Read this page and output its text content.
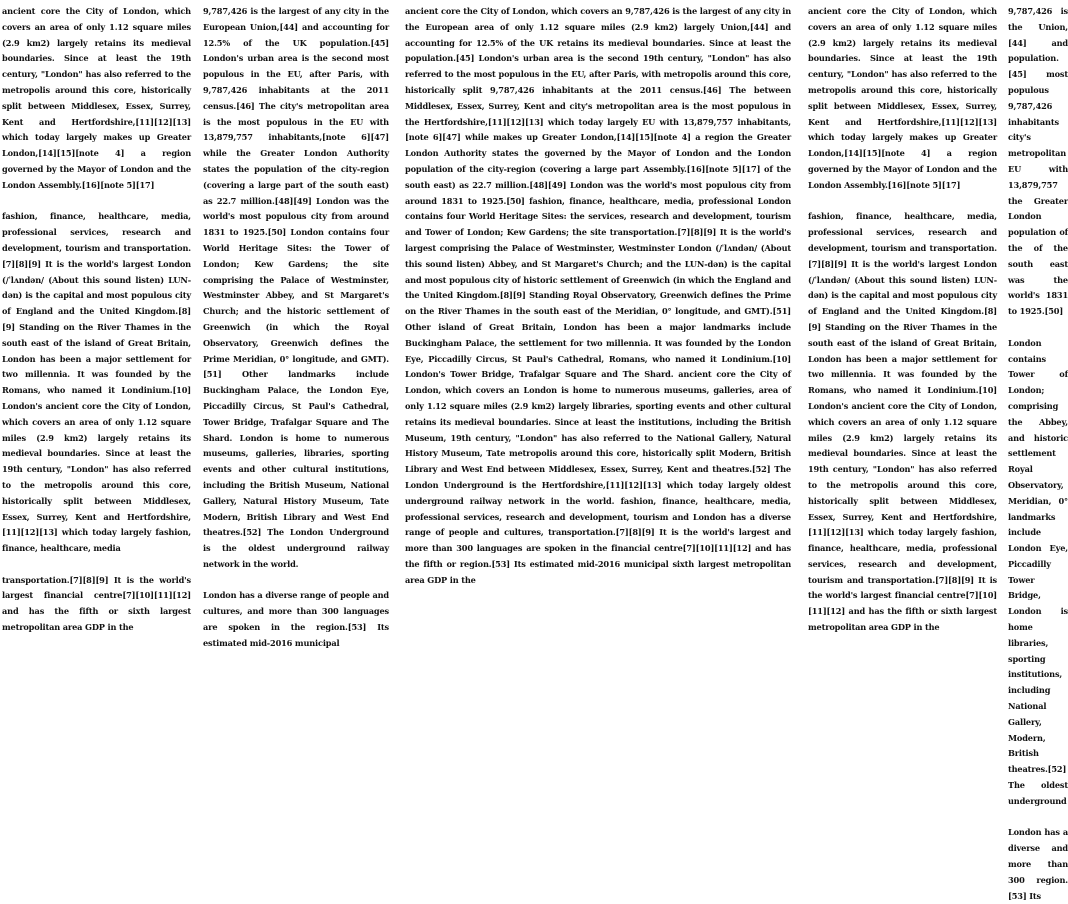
ancient core the City of London, which covers an area of only 1.12 square miles (2.9 km2) largely retains its medieval boundaries. Since at least the 19th century, "London" has also referred to the metropolis around this core, historically split between Middlesex, Essex, Surrey, Kent and Hertfordshire,[11][12][13] which today largely makes up Greater London,[14][15][note 4] a region governed by the Mayor of London and the London Assembly.[16][note 5][17]

fashion, finance, healthcare, media, professional services, research and development, tourism and transportation.[7][8][9] It is the world's largest London (/ˈlʌndən/ (About this sound listen) LUN-dən) is the capital and most populous city of England and the United Kingdom.[8][9] Standing on the River Thames in the south east of the island of Great Britain, London has been a major settlement for two millennia. It was founded by the Romans, who named it Londinium.[10] London's ancient core the City of London, which covers an area of only 1.12 square miles (2.9 km2) largely retains its medieval boundaries. Since at least the 19th century, "London" has also referred to the metropolis around this core, historically split between Middlesex, Essex, Surrey, Kent and Hertfordshire,[11][12][13] which today largely fashion, finance, healthcare, media

transportation.[7][8][9] It is the world's largest financial centre[7][10][11][12] and has the fifth or sixth largest metropolitan area GDP in the

9,787,426 is the largest of any city in the European Union,[44] and accounting for 12.5% of the UK population.[45] London's urban area is the second most populous in the EU, after Paris, with 9,787,426 inhabitants at the 2011 census.[46] The city's metropolitan area is the most populous in the EU with 13,879,757 inhabitants,[note 6][47] while the Greater London Authority states the population of the city-region (covering a large part of the south east) as 22.7 million.[48][49] London was the world's most populous city from around 1831 to 1925.[50] London contains four World Heritage Sites: the Tower of London; Kew Gardens; the site comprising the Palace of Westminster, Westminster Abbey, and St Margaret's Church; and the historic settlement of Greenwich (in which the Royal Observatory, Greenwich defines the Prime Meridian, 0° longitude, and GMT).[51] Other landmarks include Buckingham Palace, the London Eye, Piccadilly Circus, St Paul's Cathedral, Tower Bridge, Trafalgar Square and The Shard. London is home to numerous museums, galleries, libraries, sporting events and other cultural institutions, including the British Museum, National Gallery, Natural History Museum, Tate Modern, British Library and West End theatres.[52] The London Underground is the oldest underground railway network in the world.

London has a diverse range of people and cultures, and more than 300 languages are spoken in the region.[53] Its estimated mid-2016 municipal

ancient core the City of London, which covers an 9,787,426 is the largest of any city in the European area of only 1.12 square miles (2.9 km2) largely Union,[44] and accounting for 12.5% of the UK retains its medieval boundaries. Since at least the population.[45] London's urban area is the second 19th century, "London" has also referred to the most populous in the EU, after Paris, with metropolis around this core, historically split 9,787,426 inhabitants at the 2011 census.[46] The between Middlesex, Essex, Surrey, Kent and city's metropolitan area is the most populous in the Hertfordshire,[11][12][13] which today largely EU with 13,879,757 inhabitants,[note 6][47] while makes up Greater London,[14][15][note 4] a region the Greater London Authority states the governed by the Mayor of London and the London population of the city-region (covering a large part Assembly.[16][note 5][17] of the south east) as 22.7 million.[48][49] London was the world's most populous city from around 1831 to 1925.[50] fashion, finance, healthcare, media, professional London contains four World Heritage Sites: the services, research and development, tourism and Tower of London; Kew Gardens; the site transportation.[7][8][9] It is the world's largest comprising the Palace of Westminster, Westminster London (/ˈlʌndən/ (About this sound listen) Abbey, and St Margaret's Church; and the LUN-dən) is the capital and most populous city of historic settlement of Greenwich (in which the England and the United Kingdom.[8][9] Standing Royal Observatory, Greenwich defines the Prime on the River Thames in the south east of the Meridian, 0° longitude, and GMT).[51] Other island of Great Britain, London has been a major landmarks include Buckingham Palace, the settlement for two millennia. It was founded by the London Eye, Piccadilly Circus, St Paul's Cathedral, Romans, who named it Londinium.[10] London's Tower Bridge, Trafalgar Square and The Shard. ancient core the City of London, which covers an London is home to numerous museums, galleries, area of only 1.12 square miles (2.9 km2) largely libraries, sporting events and other cultural retains its medieval boundaries. Since at least the institutions, including the British Museum, 19th century, "London" has also referred to the National Gallery, Natural History Museum, Tate metropolis around this core, historically split Modern, British Library and West End between Middlesex, Essex, Surrey, Kent and theatres.[52] The London Underground is the Hertfordshire,[11][12][13] which today largely oldest underground railway network in the world. fashion, finance, healthcare, media, professional services, research and development, tourism and London has a diverse range of people and cultures, transportation.[7][8][9] It is the world's largest and more than 300 languages are spoken in the financial centre[7][10][11][12] and has the fifth or region.[53] Its estimated mid-2016 municipal sixth largest metropolitan area GDP in the

ancient core the City of London, which covers an area of only 1.12 square miles (2.9 km2) largely retains its medieval boundaries. Since at least the 19th century, "London" has also referred to the metropolis around this core, historically split between Middlesex, Essex, Surrey, Kent and Hertfordshire,[11][12][13] which today largely makes up Greater London,[14][15][note 4] a region governed by the Mayor of London and the London Assembly.[16][note 5][17]

fashion, finance, healthcare, media, professional services, research and development, tourism and transportation.[7][8][9] It is the world's largest London (/ˈlʌndən/ (About this sound listen) LUN-dən) is the capital and most populous city of England and the United Kingdom.[8][9] Standing on the River Thames in the south east of the island of Great Britain, London has been a major settlement for two millennia. It was founded by the Romans, who named it Londinium.[10] London's ancient core the City of London, which covers an area of only 1.12 square miles (2.9 km2) largely retains its medieval boundaries. Since at least the 19th century, "London" has also referred to the metropolis around this core, historically split between Middlesex, Essex, Surrey, Kent and Hertfordshire,[11][12][13] which today largely fashion, finance, healthcare, media, professional services, research and development, tourism and transportation.[7][8][9] It is the world's largest financial centre[7][10][11][12] and has the fifth or sixth largest metropolitan area GDP in the

9,787,426 is the Union,[44] and population.[45] most populous 9,787,426 inhabitants city's metropolitan EU with 13,879,757 the Greater London population of the of the south east was the world's 1831 to 1925.[50]

London contains Tower of London; comprising the Abbey, and historic settlement Royal Observatory, Meridian, 0° landmarks include London Eye, Piccadilly Tower Bridge, London is home libraries, sporting institutions, including National Gallery, Modern, British theatres.[52] The oldest underground

London has a diverse and more than 300 region.[53] Its
